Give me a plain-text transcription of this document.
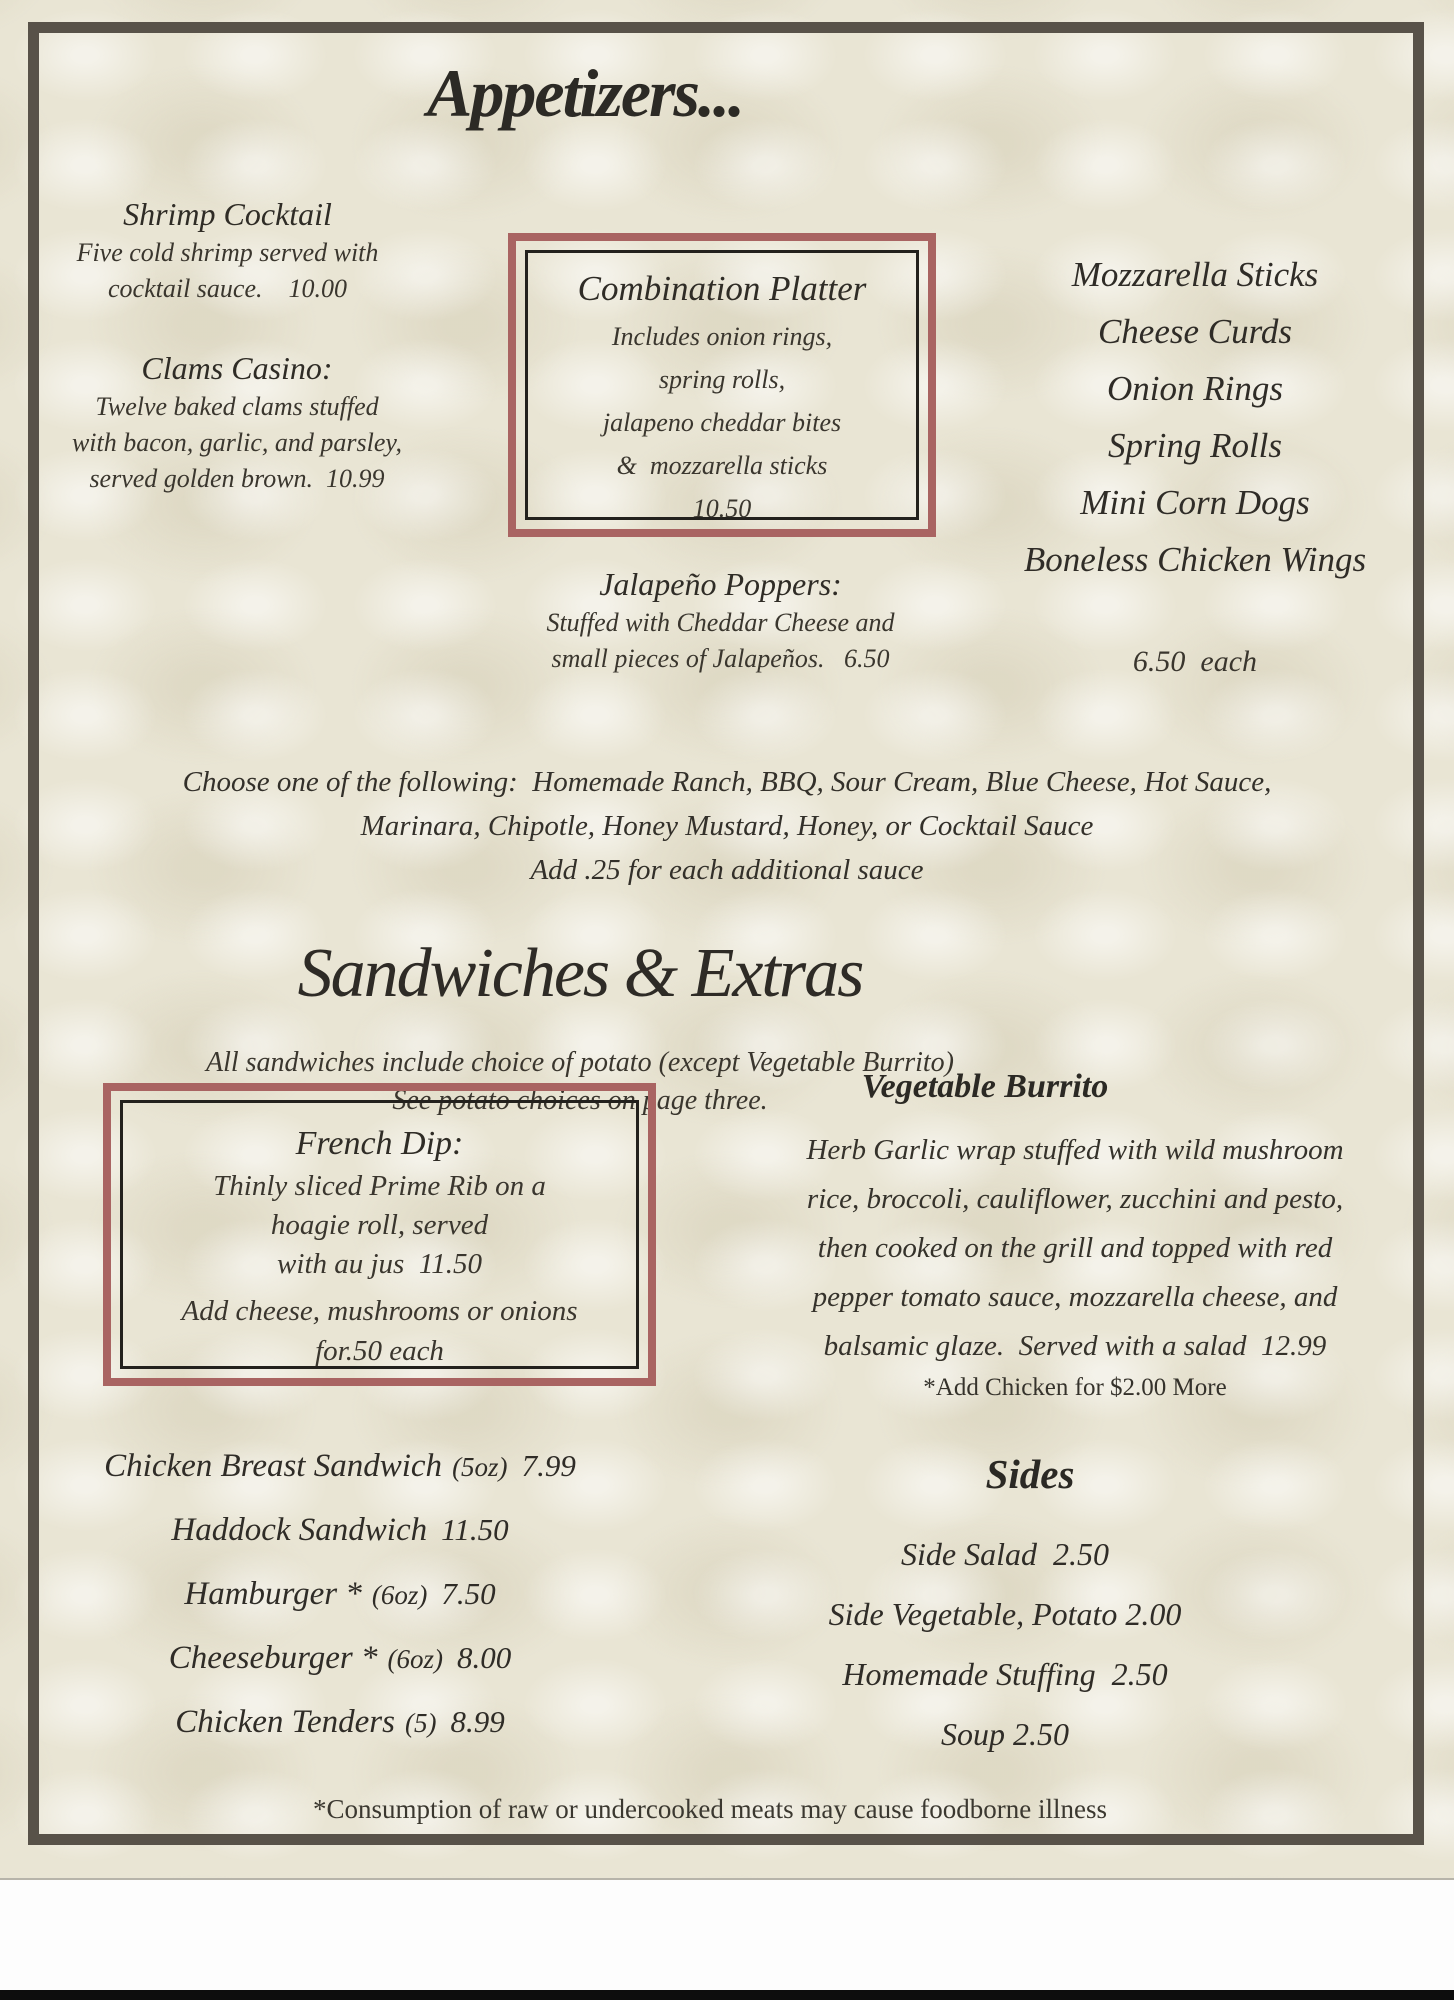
Appetizers...
Shrimp Cocktail
Five cold shrimp served with
cocktail sauce.    10.00
Clams Casino:
Twelve baked clams stuffed
with bacon, garlic, and parsley,
served golden brown.  10.99
Combination Platter
Includes onion rings,
spring rolls,
jalapeno cheddar bites
&  mozzarella sticks
10.50
Jalapeño Poppers:
Stuffed with Cheddar Cheese and
small pieces of Jalapeños.   6.50
Mozzarella Sticks
Cheese Curds
Onion Rings
Spring Rolls
Mini Corn Dogs
Boneless Chicken Wings
6.50  each
Choose one of the following:  Homemade Ranch, BBQ, Sour Cream, Blue Cheese, Hot Sauce,
Marinara, Chipotle, Honey Mustard, Honey, or Cocktail Sauce
Add .25 for each additional sauce
Sandwiches & Extras
All sandwiches include choice of potato (except Vegetable Burrito)
See potato choices on page three.
French Dip:
Thinly sliced Prime Rib on a
hoagie roll, served
with au jus  11.50
Add cheese, mushrooms or onions
for.50 each
Vegetable Burrito
Herb Garlic wrap stuffed with wild mushroom
rice, broccoli, cauliflower, zucchini and pesto,
then cooked on the grill and topped with red
pepper tomato sauce, mozzarella cheese, and
balsamic glaze.  Served with a salad  12.99
*Add Chicken for $2.00 More
Chicken Breast Sandwich (5oz) 7.99
Haddock Sandwich 11.50
Hamburger * (6oz) 7.50
Cheeseburger * (6oz) 8.00
Chicken Tenders (5) 8.99
Sides
Side Salad  2.50
Side Vegetable, Potato 2.00
Homemade Stuffing  2.50
Soup 2.50
*Consumption of raw or undercooked meats may cause foodborne illness
